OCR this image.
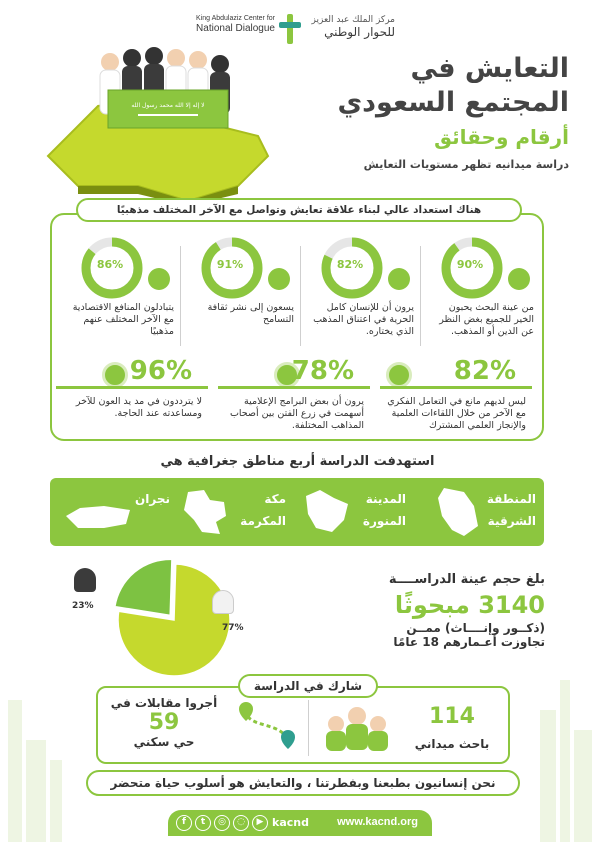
King Abdulaziz Center for
National Dialogue
مركز الملك عبد العزيز
للحوار الوطني
لا إله إلا الله محمد رسول الله
التعايش في
المجتمع السعودي
أرقام وحقائق
دراسة ميدانيه تظهر مستويات التعايش
هناك استعداد عالي لبناء علاقة تعايش وتواصل مع الآخر المختلف مذهبيًا
90%
من عينة البحث يحبون الخير للجميع بغض النظر عن الدين أو المذهب.
82%
يرون أن للإنسان كامل الحرية في اعتناق المذهب الذي يختاره.
91%
يسعون إلى نشر ثقافة التسامح
86%
يتبادلون المنافع الاقتصادية مع الآخر المختلف عنهم مذهبيًا
82%
ليس لديهم مانع في التعامل الفكري مع الآخر من خلال اللقاءات العلمية والإنجاز العلمي المشترك
78%
يرون أن بعض البرامج الإعلامية أسهمت في زرع الفتن بين أصحاب المذاهب المختلفة.
96%
لا يترددون في مد يد العون للآخر ومساعدته عند الحاجة.
استهدفت الدراسة أربع مناطق جغرافية هي
المنطقة
الشرقية
المدينة
المنورة
مكة
المكرمة
نجران
23%
77%
بلغ حجم عينة الدراســــة
3140 مبحوثًا
(ذكــور وإنــــاث) ممــن
تجاوزت أعـمارهم 18 عامًا
شارك في الدراسة
114
باحث ميداني
أجروا مقابلات في
59
حي سكني
نحن إنسانيون بطبعنا وبفطرتنا ، والتعايش هو أسلوب حياة متحضر
f	t	◎	◌	▶ kacnd	www.kacnd.org
